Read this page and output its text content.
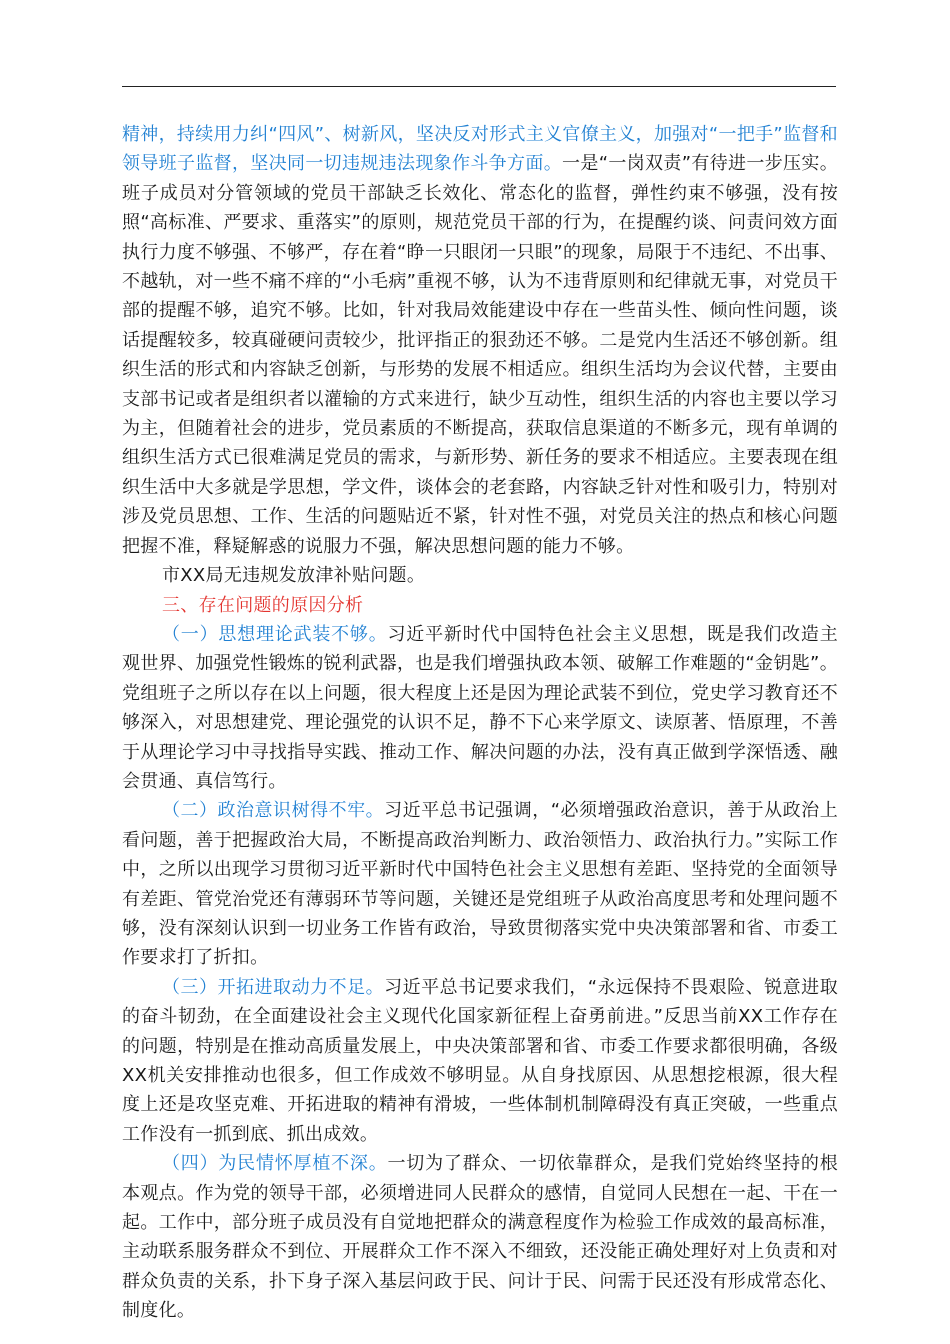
精神，持续用力纠“四风”、树新风，坚决反对形式主义官僚主义，加强对“一把手”监督和领导班子监督，坚决同一切违规违法现象作斗争方面。一是“一岗双责”有待进一步压实。班子成员对分管领域的党员干部缺乏长效化、常态化的监督，弹性约束不够强，没有按照“高标准、严要求、重落实”的原则，规范党员干部的行为，在提醒约谈、问责问效方面执行力度不够强、不够严，存在着“睁一只眼闭一只眼”的现象，局限于不违纪、不出事、不越轨，对一些不痛不痒的“小毛病”重视不够，认为不违背原则和纪律就无事，对党员干部的提醒不够，追究不够。比如，针对我局效能建设中存在一些苗头性、倾向性问题，谈话提醒较多，较真碰硬问责较少，批评指正的狠劲还不够。二是党内生活还不够创新。组织生活的形式和内容缺乏创新，与形势的发展不相适应。组织生活均为会议代替，主要由支部书记或者是组织者以灌输的方式来进行，缺少互动性，组织生活的内容也主要以学习为主，但随着社会的进步，党员素质的不断提高，获取信息渠道的不断多元，现有单调的组织生活方式已很难满足党员的需求，与新形势、新任务的要求不相适应。主要表现在组织生活中大多就是学思想，学文件，谈体会的老套路，内容缺乏针对性和吸引力，特别对涉及党员思想、工作、生活的问题贴近不紧，针对性不强，对党员关注的热点和核心问题把握不准，释疑解惑的说服力不强，解决思想问题的能力不够。

市XX局无违规发放津补贴问题。

三、存在问题的原因分析

（一）思想理论武装不够。习近平新时代中国特色社会主义思想，既是我们改造主观世界、加强党性锻炼的锐利武器，也是我们增强执政本领、破解工作难题的“金钥匙”。党组班子之所以存在以上问题，很大程度上还是因为理论武装不到位，党史学习教育还不够深入，对思想建党、理论强党的认识不足，静不下心来学原文、读原著、悟原理，不善于从理论学习中寻找指导实践、推动工作、解决问题的办法，没有真正做到学深悟透、融会贯通、真信笃行。

（二）政治意识树得不牢。习近平总书记强调，“必须增强政治意识，善于从政治上看问题，善于把握政治大局，不断提高政治判断力、政治领悟力、政治执行力。”实际工作中，之所以出现学习贯彻习近平新时代中国特色社会主义思想有差距、坚持党的全面领导有差距、管党治党还有薄弱环节等问题，关键还是党组班子从政治高度思考和处理问题不够，没有深刻认识到一切业务工作皆有政治，导致贯彻落实党中央决策部署和省、市委工作要求打了折扣。

（三）开拓进取动力不足。习近平总书记要求我们，“永远保持不畏艰险、锐意进取的奋斗韧劲，在全面建设社会主义现代化国家新征程上奋勇前进。”反思当前XX工作存在的问题，特别是在推动高质量发展上，中央决策部署和省、市委工作要求都很明确，各级XX机关安排推动也很多，但工作成效不够明显。从自身找原因、从思想挖根源，很大程度上还是攻坚克难、开拓进取的精神有滑坡，一些体制机制障碍没有真正突破，一些重点工作没有一抓到底、抓出成效。

（四）为民情怀厚植不深。一切为了群众、一切依靠群众，是我们党始终坚持的根本观点。作为党的领导干部，必须增进同人民群众的感情，自觉同人民想在一起、干在一起。工作中，部分班子成员没有自觉地把群众的满意程度作为检验工作成效的最高标准，主动联系服务群众不到位、开展群众工作不深入不细致，还没能正确处理好对上负责和对群众负责的关系，扑下身子深入基层问政于民、问计于民、问需于民还没有形成常态化、制度化。
